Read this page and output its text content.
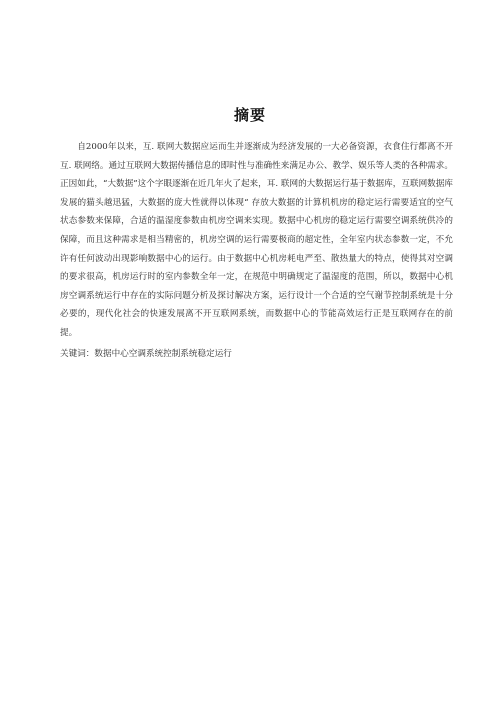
摘要

自2000年以来，互. 联网大数据应运而生并逐渐成为经济发展的一大必备资源，衣食住行都离不开互. 联网络。通过互联网大数据传播信息的即时性与准确性来满足办公、教学、娱乐等人类的各种需求。正因如此，“大数据”这个字眼逐渐在近几年火了起来，耳. 联网的大数据运行基于数据库，互联网数据库发展的猫头越迅猛，大数据的庞大性就得以体现“ 存放大数据的计算机机房的稳定运行需要适宜的空气状态参数来保障，合适的温湿度参数由机房空调来实现。数据中心机房的稳定运行需要空调系统供冷的保障，而且这种需求是相当精密的，机房空调的运行需要极商的超定性，全年室内状态参数一定，不允许有任何波动出现影响数据中心的运行。由于数据中心机房耗电严至、散热量大的特点，使得其对空调的要求很高，机房运行时的室内参数全年一定，在规范中明确规定了温湿度的范围，所以，数据中心机房空调系统运行中存在的实际问题分析及探讨解决方案，运行设计一个合适的空气谢节控制系统是十分必要的，现代化社会的快速发展离不开互联网系统，而数据中心的节能高效运行正是互联网存在的前提。

关键词：数据中心空调系统控制系统稳定运行
